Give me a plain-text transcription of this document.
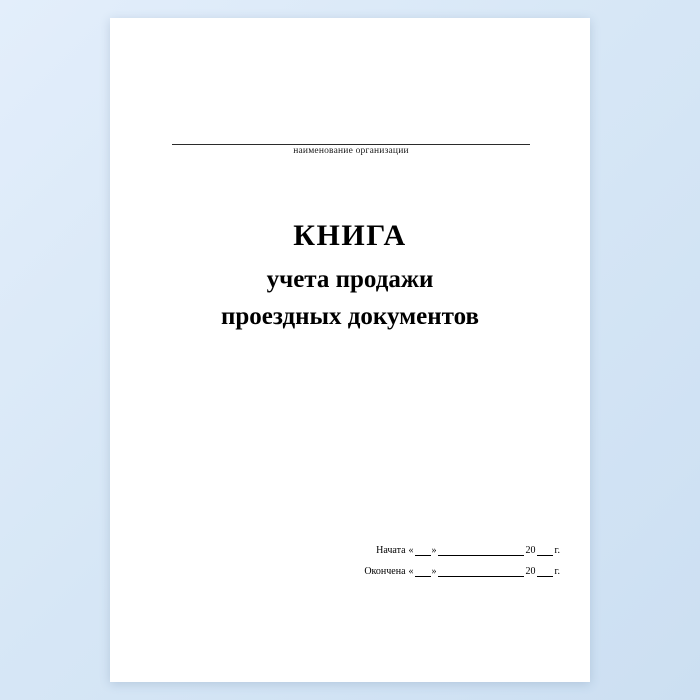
наименование организации
КНИГА
учета продажи
проездных документов
Начата « »	20 г.
Окончена « »	20 г.
